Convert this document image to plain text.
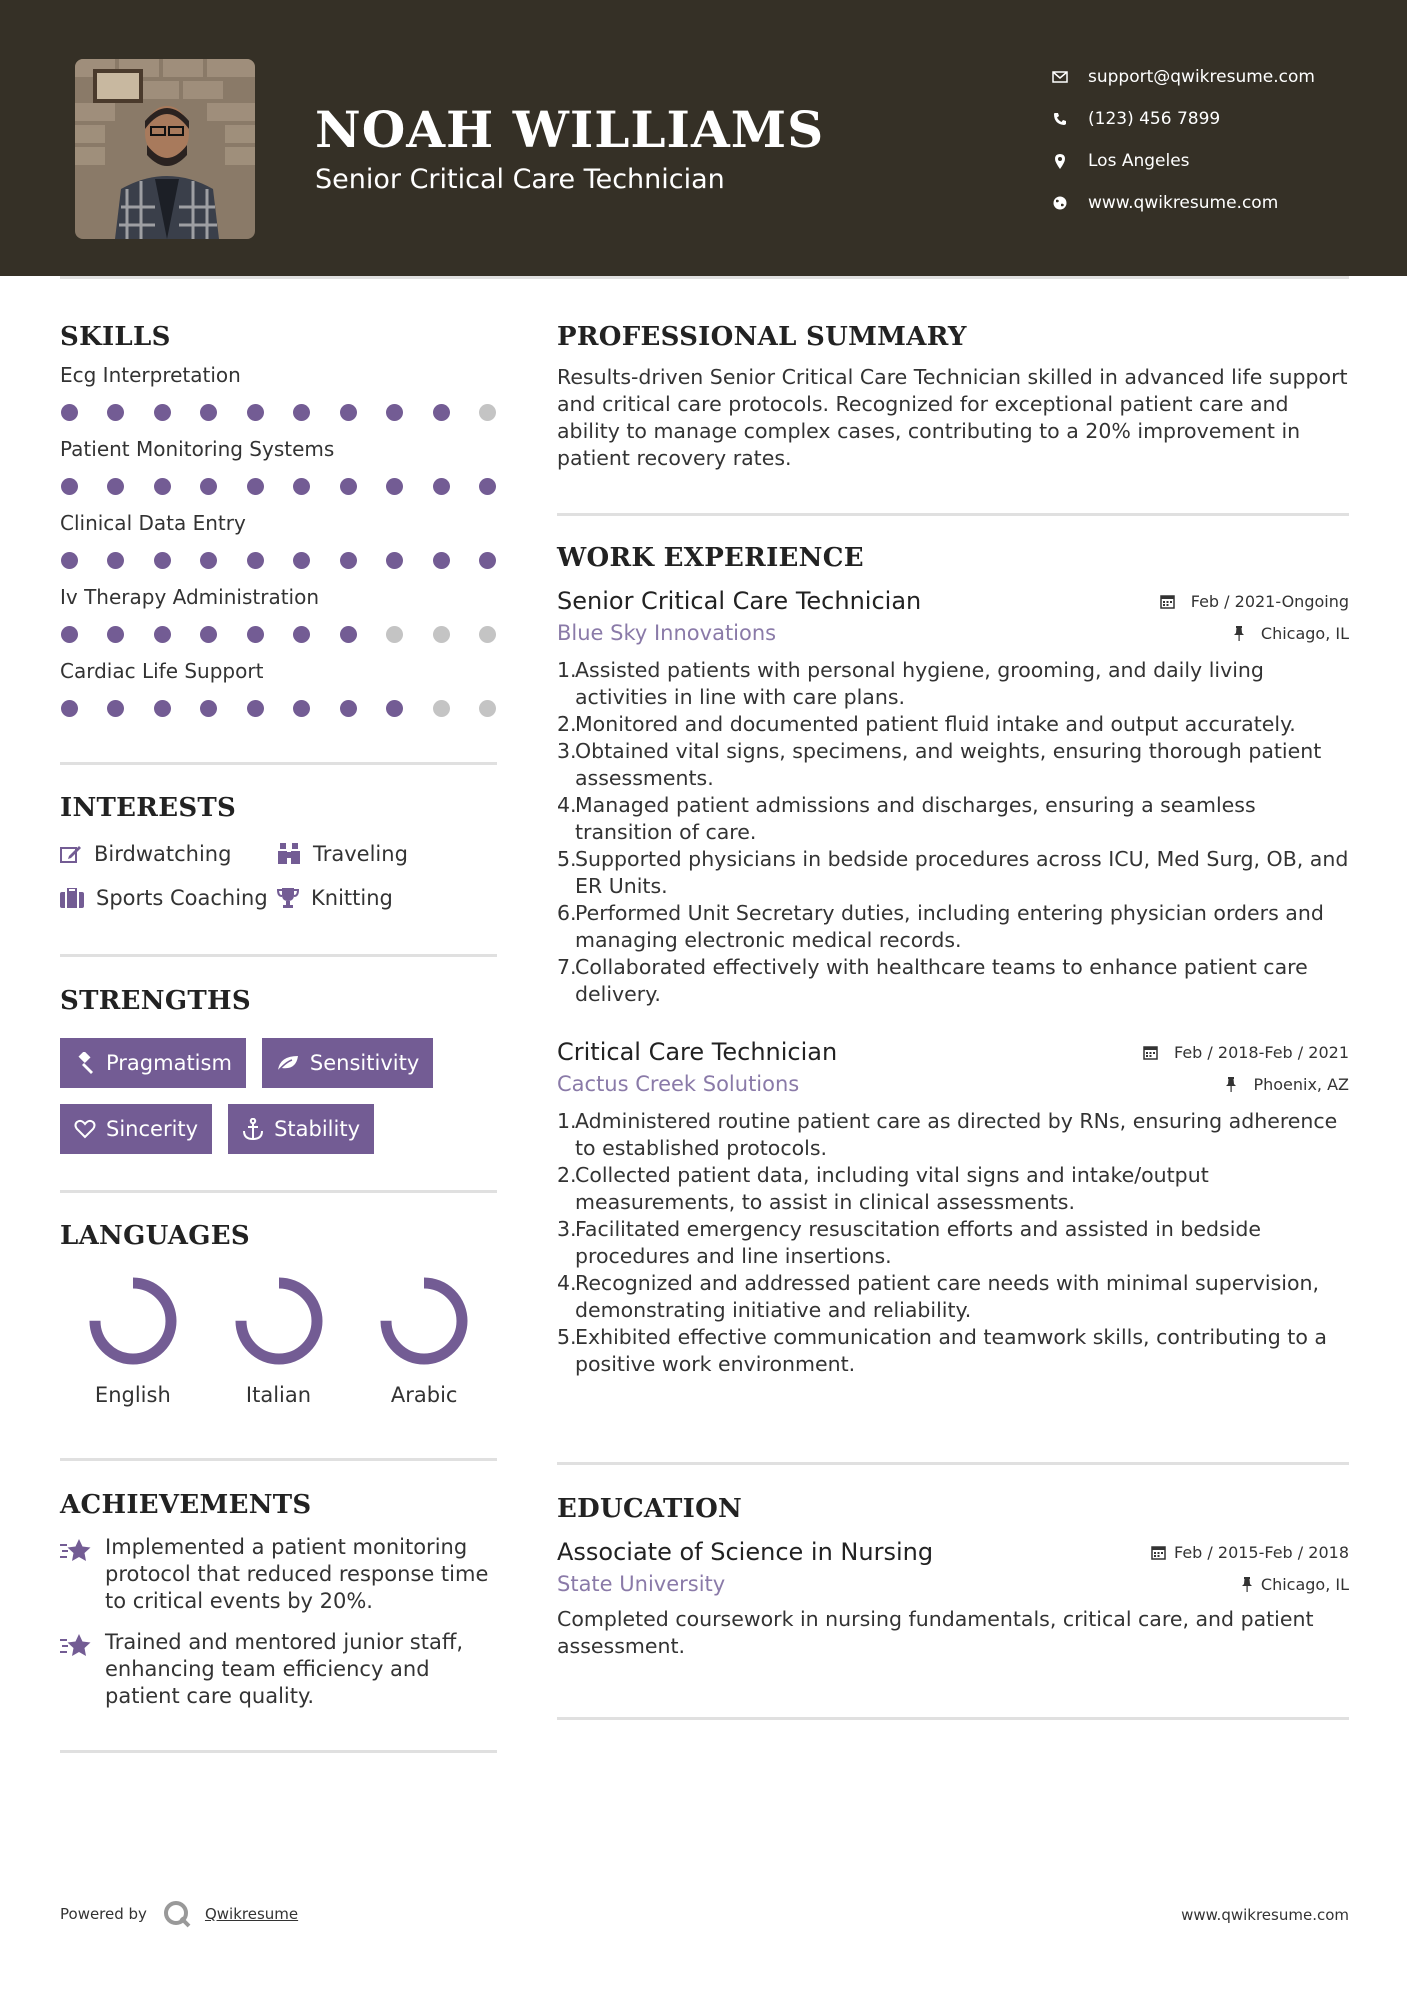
NOAH WILLIAMS
Senior Critical Care Technician
support@qwikresume.com
(123) 456 7899
Los Angeles
www.qwikresume.com
SKILLS
Ecg Interpretation
Patient Monitoring Systems
Clinical Data Entry
Iv Therapy Administration
Cardiac Life Support
INTERESTS
Birdwatching	Traveling
Sports Coaching Knitting
STRENGTHS
Pragmatism	Sensitivity
Sincerity	Stability
LANGUAGES
English	Italian	Arabic
ACHIEVEMENTS
Implemented a patient monitoring protocol that reduced response time to critical events by 20%.
Trained and mentored junior staff, enhancing team efficiency and patient care quality.
PROFESSIONAL SUMMARY
Results-driven Senior Critical Care Technician skilled in advanced life support and critical care protocols. Recognized for exceptional patient care and ability to manage complex cases, contributing to a 20% improvement in patient recovery rates.
WORK EXPERIENCE
Senior Critical Care Technician	Feb / 2021-Ongoing
Blue Sky Innovations	Chicago, IL
1.
Assisted patients with personal hygiene, grooming, and daily living activities in line with care plans.
2.
Monitored and documented patient fluid intake and output accurately.
3.
Obtained vital signs, specimens, and weights, ensuring thorough patient assessments.
4.
Managed patient admissions and discharges, ensuring a seamless transition of care.
5.
Supported physicians in bedside procedures across ICU, Med Surg, OB, and ER Units.
6.
Performed Unit Secretary duties, including entering physician orders and managing electronic medical records.
7.
Collaborated effectively with healthcare teams to enhance patient care delivery.
Critical Care Technician	Feb / 2018-Feb / 2021
Cactus Creek Solutions	Phoenix, AZ
1.
Administered routine patient care as directed by RNs, ensuring adherence to established protocols.
2.
Collected patient data, including vital signs and intake/output measurements, to assist in clinical assessments.
3.
Facilitated emergency resuscitation efforts and assisted in bedside procedures and line insertions.
4.
Recognized and addressed patient care needs with minimal supervision, demonstrating initiative and reliability.
5.
Exhibited effective communication and teamwork skills, contributing to a positive work environment.
EDUCATION
Associate of Science in Nursing	Feb / 2015-Feb / 2018
State University	Chicago, IL
Completed coursework in nursing fundamentals, critical care, and patient assessment.
Powered by	Qwikresume	www.qwikresume.com
